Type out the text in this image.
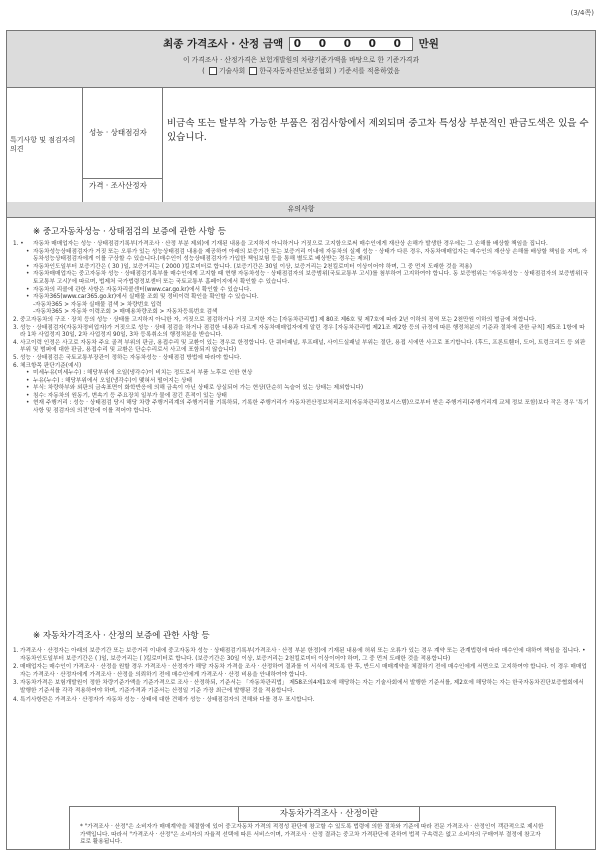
(3/4쪽)
최종 가격조사 · 산정 금액 0 0 0 0 0 만원
이 가격조사 · 산정가격은 보험개발원의 차량기준가액을 바탕으로 한 기준가격과
( 기술사회 한국자동차진단보증협회 ) 기준서를 적용하였음
특기사항 및 점검자의 의견
성능 · 상태점검자
가격 · 조사산정자
비금속 또는 탈부착 가능한 부품은 점검사항에서 제외되며 중고차 특성상 부분적인 판금도색은 있을 수 있습니다.
유의사항
※ 중고자동차성능 · 상태점검의 보증에 관한 사항 등

1. • 자동차 매매업자는 성능 · 상태점검기록부(가격조사 · 산정 부분 제외)에 기재된 내용을 고지하지 아니하거나 거짓으로 고지함으로써 매수인에게 재산상 손해가 발생한 경우에는 그 손해를 배상할 책임을 집니다.

• 자동차성능상태점검자가 거짓 또는 오류가 있는 성능상태점검 내용을 제공하여 아래의 보증기간 또는 보증거리 이내에 자동차의 실제 성능 · 상태가 다른 경우, 자동차매매업자는 매수인의 재산상 손해를 배상할 책임을 지며, 자동차성능상태점검자에게 이를 구상할 수 있습니다.(매수인이 성능상태점검자가 가입한 책임보험 등을 통해 별도로 배상받는 경우는 제외)

• 자동차인도일부터 보증기간은 ( 30 )일, 보증거리는 ( 2000 )킬로미터로 합니다. (보증기간은 30일 이상, 보증거리는 2천킬로미터 이상이어야 하며, 그 중 먼저 도래한 것을 적용)

• 자동차매매업자는 중고자동차 성능 · 상태점검기록부를 매수인에게 고지할 때 현행 자동차성능 · 상태점검자의 보증범위(국토교통부 고시)를 첨부하여 고지하여야 합니다. 동 보증범위는 '자동차성능 · 상태점검자의 보증범위(국토교통부 고시)'에 따르며, 법제처 국가법령정보센터 또는 국토교통부 홈페이지에서 확인할 수 있습니다.

• 자동차의 리콜에 관한 사항은 자동차리콜센터(www.car.go.kr)에서 확인할 수 있습니다.

• 자동차365(www.car365.go.kr)에서 실매물 조회 및 정비이력 확인을 확인할 수 있습니다.

-자동차365 > 자동차 실매물 검색 > 차량번호 입력

-자동차365 > 자동차 이력조회 > 매매용차량조회 > 자동차등록번호 검색

2. 중고자동차의 구조 · 장치 등의 성능 · 상태를 고지하지 아니한 자, 거짓으로 점검하거나 거짓 고지한 자는 [자동차관리법] 제 80조 제6호 및 제7호에 따라 2년 이하의 징역 또는 2천만원 이하의 벌금에 처합니다.

3. 성능 · 상태점검자(자동차정비업자)가 거짓으로 성능 · 상태 점검을 하거나 점검한 내용과 다르게 자동차매매업자에게 알린 경우 [자동차관리법 제21조 제2항 등의 규정에 따른 행정처분의 기준과 절차에 관한 규칙] 제5조 1항에 따라 1차 사업정지 30일, 2차 사업정지 90일, 3차 등록취소의 행정처분을 받습니다.

4. 사고이력 인정은 사고로 자동차 주요 골격 부위의 판금, 용접수리 및 교환이 있는 경우로 한정합니다. 단 쿼터패널, 루프패널, 사이드실패널 부위는 절단, 용접 시에만 사고로 표기합니다. (후드, 프론트휀더, 도어, 트렁크리드 등 외판 부위 및 범퍼에 대한 판금, 용접수리 및 교환은 단순수리로서 사고에 포함되지 않습니다)

5. 성능 · 상태점검은 국토교통부장관이 정하는 자동차성능 · 상태점검 방법에 따라야 합니다.

6. 체크항목 판단기준(예시)

• 미세누유(미세누수) : 해당부위에 오일(냉각수)이 비치는 정도로서 부품 노후로 인한 현상

• 누유(누수) : 해당부위에서 오일(냉각수)이 맺혀서 떨어지는 상태

• 부식: 차량하부와 외판의 금속표면이 화학반응에 의해 금속이 아닌 상태로 상실되어 가는 현상(단순히 녹슬어 있는 상태는 제외합니다)

• 침수: 자동차의 원동기, 변속기 등 주요장치 일부가 물에 잠긴 흔적이 있는 상태

• 현재 주행거리 : 성능 · 상태점검 당시 해당 차량 주행거리계의 주행거리를 기록하되, 기록한 주행거리가 자동차전산정보처리조직(자동차관리정보시스템)으로부터 받은 주행거리(주행거리계 교체 정보 포함)보다 작은 경우 '특기사항 및 점검자의 의견'란에 이를 적어야 합니다.

※ 자동차가격조사 · 산정의 보증에 관한 사항 등

1. 가격조사 · 산정자는 아래의 보증기간 또는 보증거리 이내에 중고자동차 성능 · 상태점검기록부(가격조사 · 산정 부분 한정)에 기재된 내용에 허위 또는 오류가 있는 경우 계약 또는 관계법령에 따라 매수인에 대하여 책임을 집니다. • 자동차인도일부터 보증기간은 ( )일, 보증거리는 ( )킬로미터로 합니다. (보증기간은 30일 이상, 보증거리는 2천킬로미터 이상이어야 하며, 그 중 먼저 도래한 것을 적용합니다)

2. 매매업자는 매수인이 가격조사 · 산정을 원할 경우 가격조사 · 산정자가 해당 자동차 가격을 조사 · 산정하여 결과를 이 서식에 적도록 한 후, 반드시 매매계약을 체결하기 전에 매수인에게 서면으로 고지하여야 합니다. 이 경우 매매업자는 가격조사 · 산정자에게 가격조사 · 산정을 의뢰하기 전에 매수인에게 가격조사 · 산정 비용을 안내하여야 합니다.

3. 자동차가격은 보험개발원이 정한 차량기준가액을 기준가격으로 조사 · 산정하되, 기준서는 「자동차관리법」 제58조의4제1호에 해당하는 자는 기술사회에서 발행한 기준서를, 제2호에 해당하는 자는 한국자동차진단보증협회에서 발행한 기준서를 각각 적용하여야 하며, 기준가격과 기준서는 산정일 기준 가장 최근에 발행된 것을 적용합니다.

4. 특기사항란은 가격조사 · 산정자가 자동차 성능 · 상태에 대한 견해가 성능 · 상태점검자의 견해와 다를 경우 표시합니다.

자동차가격조사 · 산정이란
* "가격조사 · 산정"은 소비자가 매매계약을 체결함에 있어 중고자동차 가격의 적정성 판단에 참고할 수 있도록 법령에 의한 절차와 기준에 따라 전문 가격조사 · 산정인이 객관적으로 제시한 가액입니다. 따라서 "가격조사 · 산정"은 소비자의 자율적 선택에 따른 서비스이며, 가격조사 · 산정 결과는 중고차 가격판단에 관하여 법적 구속력은 없고 소비자의 구매여부 결정에 참고자료로 활용됩니다.
